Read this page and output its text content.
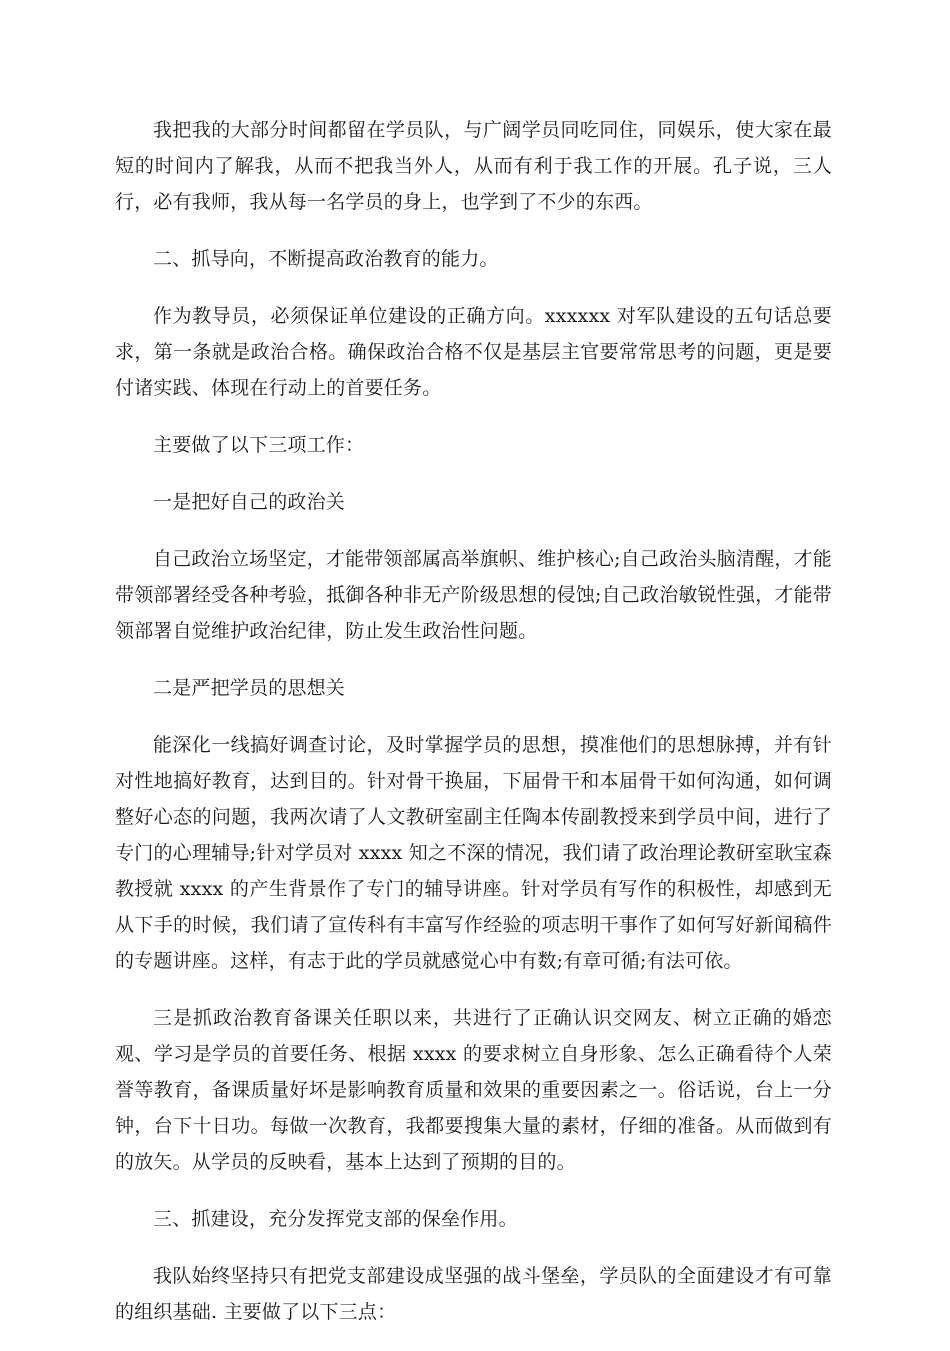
我把我的大部分时间都留在学员队，与广阔学员同吃同住，同娱乐，使大家在最短的时间内了解我，从而不把我当外人，从而有利于我工作的开展。孔子说，三人行，必有我师，我从每一名学员的身上，也学到了不少的东西。

二、抓导向，不断提高政治教育的能力。

作为教导员，必须保证单位建设的正确方向。xxxxxx 对军队建设的五句话总要求，第一条就是政治合格。确保政治合格不仅是基层主官要常常思考的问题，更是要付诸实践、体现在行动上的首要任务。

主要做了以下三项工作：

一是把好自己的政治关

自己政治立场坚定，才能带领部属高举旗帜、维护核心;自己政治头脑清醒，才能带领部署经受各种考验，抵御各种非无产阶级思想的侵蚀;自己政治敏锐性强，才能带领部署自觉维护政治纪律，防止发生政治性问题。

二是严把学员的思想关

能深化一线搞好调查讨论，及时掌握学员的思想，摸准他们的思想脉搏，并有针对性地搞好教育，达到目的。针对骨干换届，下届骨干和本届骨干如何沟通，如何调整好心态的问题，我两次请了人文教研室副主任陶本传副教授来到学员中间，进行了专门的心理辅导;针对学员对 xxxx 知之不深的情况，我们请了政治理论教研室耿宝森教授就 xxxx 的产生背景作了专门的辅导讲座。针对学员有写作的积极性，却感到无从下手的时候，我们请了宣传科有丰富写作经验的项志明干事作了如何写好新闻稿件的专题讲座。这样，有志于此的学员就感觉心中有数;有章可循;有法可依。

三是抓政治教育备课关任职以来，共进行了正确认识交网友、树立正确的婚恋观、学习是学员的首要任务、根据 xxxx 的要求树立自身形象、怎么正确看待个人荣誉等教育，备课质量好坏是影响教育质量和效果的重要因素之一。俗话说，台上一分钟，台下十日功。每做一次教育，我都要搜集大量的素材，仔细的准备。从而做到有的放矢。从学员的反映看，基本上达到了预期的目的。

三、抓建设，充分发挥党支部的保垒作用。

我队始终坚持只有把党支部建设成坚强的战斗堡垒，学员队的全面建设才有可靠的组织基础. 主要做了以下三点：
